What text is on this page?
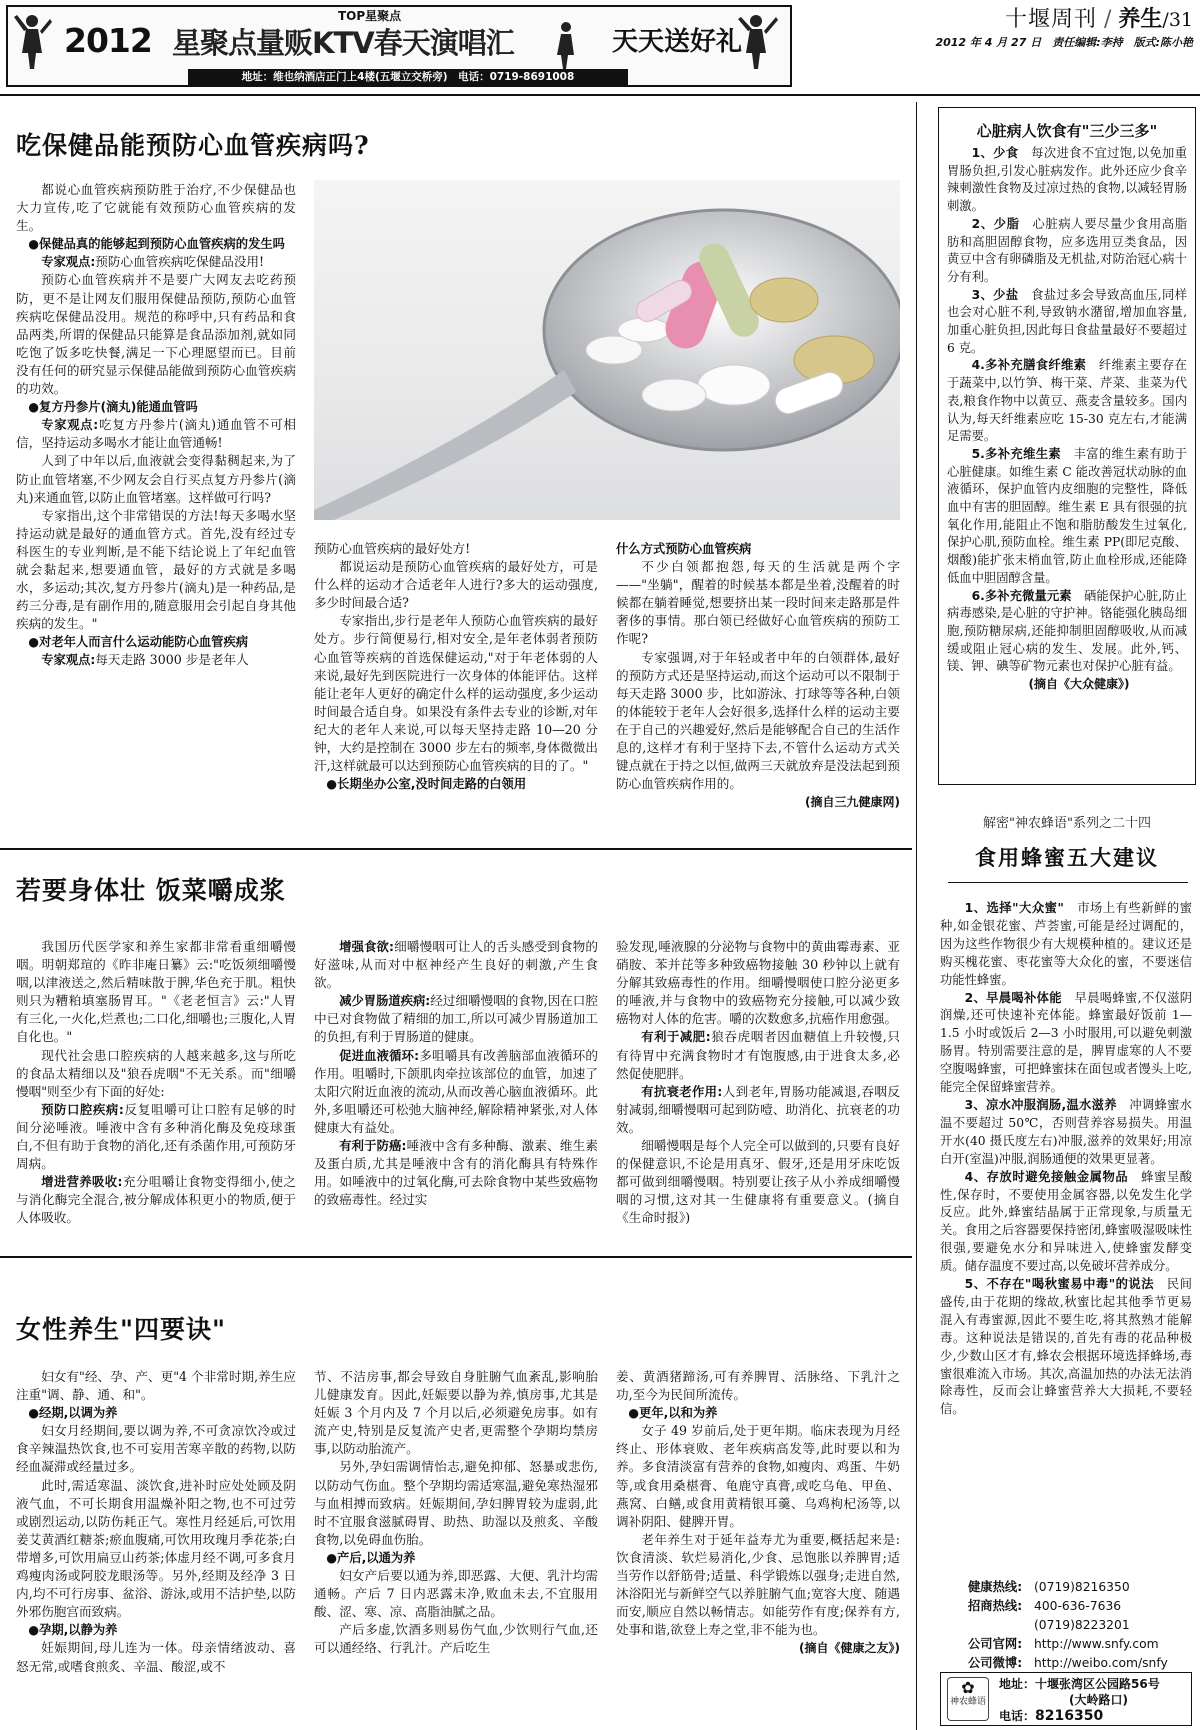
2012
TOP星聚点
星聚点量贩KTV春天演唱汇	天天送好礼
地址：维也纳酒店正门上4楼(五堰立交桥旁)　电话：0719-8691008
十堰周刊 / 养生/31
2012 年 4 月 27 日　责任编辑:李持　版式:陈小艳
吃保健品能预防心血管疾病吗?

都说心血管疾病预防胜于治疗,不少保健品也大力宣传,吃了它就能有效预防心血管疾病的发生。

●保健品真的能够起到预防心血管疾病的发生吗

专家观点:预防心血管疾病吃保健品没用!

预防心血管疾病并不是要广大网友去吃药预防，更不是让网友们服用保健品预防,预防心血管疾病吃保健品没用。规范的称呼中,只有药品和食品两类,所谓的保健品只能算是食品添加剂,就如同吃饱了饭多吃快餐,满足一下心理愿望而已。目前没有任何的研究显示保健品能做到预防心血管疾病的功效。

●复方丹参片(滴丸)能通血管吗

专家观点:吃复方丹参片(滴丸)通血管不可相信，坚持运动多喝水才能让血管通畅!

人到了中年以后,血液就会变得黏稠起来,为了防止血管堵塞,不少网友会自行买点复方丹参片(滴丸)来通血管,以防止血管堵塞。这样做可行吗?

专家指出,这个非常错误的方法!每天多喝水坚持运动就是最好的通血管方式。首先,没有经过专科医生的专业判断,是不能下结论说上了年纪血管就会黏起来,想要通血管，最好的方式就是多喝水，多运动;其次,复方丹参片(滴丸)是一种药品,是药三分毒,是有副作用的,随意服用会引起自身其他疾病的发生。"

●对老年人而言什么运动能防心血管疾病

专家观点:每天走路 3000 步是老年人

预防心血管疾病的最好处方!

都说运动是预防心血管疾病的最好处方，可是什么样的运动才合适老年人进行?多大的运动强度,多少时间最合适?

专家指出,步行是老年人预防心血管疾病的最好处方。步行简便易行,相对安全,是年老体弱者预防心血管等疾病的首选保健运动,"对于年老体弱的人来说,最好先到医院进行一次身体的体能评估。这样能让老年人更好的确定什么样的运动强度,多少运动时间最合适自身。如果没有条件去专业的诊断,对年纪大的老年人来说,可以每天坚持走路 10—20 分钟，大约是控制在 3000 步左右的频率,身体微微出汗,这样就最可以达到预防心血管疾病的目的了。"

●长期坐办公室,没时间走路的白领用

什么方式预防心血管疾病

不少白领都抱怨,每天的生活就是两个字——"坐躺"，醒着的时候基本都是坐着,没醒着的时候都在躺着睡觉,想要挤出某一段时间来走路那是件奢侈的事情。那白领已经做好心血管疾病的预防工作呢?

专家强调,对于年轻或者中年的白领群体,最好的预防方式还是坚持运动,而这个运动可以不限制于每天走路 3000 步，比如游泳、打球等等各种,白领的体能较于老年人会好很多,选择什么样的运动主要在于自己的兴趣爱好,然后是能够配合自己的生活作息的,这样才有利于坚持下去,不管什么运动方式关键点就在于持之以恒,做两三天就放弃是没法起到预防心血管疾病作用的。

(摘自三九健康网)

若要身体壮 饭菜嚼成浆

我国历代医学家和养生家都非常看重细嚼慢咽。明朝郑瑄的《昨非庵日纂》云:"吃饭须细嚼慢咽,以津液送之,然后精味散于脾,华色充于肌。粗快则只为糟粕填塞肠胃耳。"《老老恒言》云:"人胃有三化,一火化,烂煮也;二口化,细嚼也;三腹化,人胃自化也。"

现代社会患口腔疾病的人越来越多,这与所吃的食品太精细以及"狼吞虎咽"不无关系。而"细嚼慢咽"则至少有下面的好处:

预防口腔疾病:反复咀嚼可让口腔有足够的时间分泌唾液。唾液中含有多种消化酶及免疫球蛋白,不但有助于食物的消化,还有杀菌作用,可预防牙周病。

增进营养吸收:充分咀嚼让食物变得细小,使之与消化酶完全混合,被分解成体积更小的物质,便于人体吸收。

增强食欲:细嚼慢咽可让人的舌头感受到食物的好滋味,从而对中枢神经产生良好的刺激,产生食欲。

减少胃肠道疾病:经过细嚼慢咽的食物,因在口腔中已对食物做了精细的加工,所以可减少胃肠道加工的负担,有利于胃肠道的健康。

促进血液循环:多咀嚼具有改善脑部血液循环的作用。咀嚼时,下颌肌肉牵拉该部位的血管，加速了太阳穴附近血液的流动,从而改善心脑血液循环。此外,多咀嚼还可松弛大脑神经,解除精神紧张,对人体健康大有益处。

有利于防癌:唾液中含有多种酶、激素、维生素及蛋白质,尤其是唾液中含有的消化酶具有特殊作用。如唾液中的过氧化酶,可去除食物中某些致癌物的致癌毒性。经过实

验发现,唾液腺的分泌物与食物中的黄曲霉毒素、亚硝胺、苯并芘等多种致癌物接触 30 秒钟以上就有分解其致癌毒性的作用。细嚼慢咽使口腔分泌更多的唾液,并与食物中的致癌物充分接触,可以减少致癌物对人体的危害。嚼的次数愈多,抗癌作用愈强。

有利于减肥:狼吞虎咽者因血糖值上升较慢,只有待胃中充满食物时才有饱腹感,由于进食太多,必然促使肥胖。

有抗衰老作用:人到老年,胃肠功能减退,吞咽反射减弱,细嚼慢咽可起到防噎、助消化、抗衰老的功效。

细嚼慢咽是每个人完全可以做到的,只要有良好的保健意识,不论是用真牙、假牙,还是用牙床吃饭都可做到细嚼慢咽。特别要让孩子从小养成细嚼慢咽的习惯,这对其一生健康将有重要意义。(摘自《生命时报》)

女性养生"四要诀"

妇女有"经、孕、产、更"4 个非常时期,养生应注重"调、静、通、和"。

●经期,以调为养

妇女月经期间,要以调为养,不可贪凉饮冷或过食辛辣温热饮食,也不可妄用苦寒辛散的药物,以防经血凝滞或经量过多。

此时,需适寒温、淡饮食,进补时应处处顾及阴液气血，不可长期食用温燥补阳之物,也不可过劳或剧烈运动,以防伤耗正气。寒性月经延后,可饮用姜艾黄酒红糖茶;瘀血腹痛,可饮用玫瑰月季花茶;白带增多,可饮用扁豆山药茶;体虚月经不调,可多食月鸡瘦肉汤或阿胶龙眼汤等。另外,经期及经净 3 日内,均不可行房事、盆浴、游泳,或用不洁护垫,以防外邪伤胞宫而致病。

●孕期,以静为养

妊娠期间,母儿连为一体。母亲情绪波动、喜怒无常,或嗜食煎炙、辛温、酸涩,或不

节、不洁房事,都会导致自身脏腑气血紊乱,影响胎儿健康发育。因此,妊娠要以静为养,慎房事,尤其是妊娠 3 个月内及 7 个月以后,必须避免房事。如有流产史,特别是反复流产史者,更需整个孕期均禁房事,以防动胎流产。

另外,孕妇需调情怡志,避免抑郁、怒暴或悲伤,以防动气伤血。整个孕期均需适寒温,避免寒热湿邪与血相搏而致病。妊娠期间,孕妇脾胃较为虚弱,此时不宜服食滋腻碍胃、助热、助湿以及煎炙、辛酸食物,以免碍血伤胎。

●产后,以通为养

妇女产后要以通为养,即恶露、大便、乳汁均需通畅。产后 7 日内恶露未净,败血未去,不宜服用酸、涩、寒、凉、高脂油腻之品。

产后多虚,饮酒多则易伤气血,少饮则行气血,还可以通经络、行乳汁。产后吃生

姜、黄酒猪蹄汤,可有养脾胃、活脉络、下乳汁之功,至今为民间所流传。

●更年,以和为养

女子 49 岁前后,处于更年期。临床表现为月经终止、形体衰败、老年疾病高发等,此时要以和为养。多食清淡富有营养的食物,如瘦肉、鸡蛋、牛奶等,或食用桑椹膏、龟鹿守真膏,或吃乌龟、甲鱼、燕窝、白鳝,或食用黄精银耳羹、乌鸡枸杞汤等,以调补阴阳、健脾开胃。

老年养生对于延年益寿尤为重要,概括起来是:饮食清淡、软烂易消化,少食、忌饱胀以养脾胃;适当劳作以舒筋骨;适量、科学锻炼以强身;走进自然,沐浴阳光与新鲜空气以养脏腑气血;宽容大度、随遇而安,顺应自然以畅情志。如能劳作有度;保养有方,处事和谐,欲登上寿之堂,非不能为也。

(摘自《健康之友》)

心脏病人饮食有"三少三多"

1、少食　每次进食不宜过饱,以免加重胃肠负担,引发心脏病发作。此外还应少食辛辣刺激性食物及过凉过热的食物,以减轻胃肠刺激。

2、少脂　心脏病人要尽量少食用高脂肪和高胆固醇食物，应多选用豆类食品，因黄豆中含有卵磷脂及无机盐,对防治冠心病十分有利。

3、少盐　食盐过多会导致高血压,同样也会对心脏不利,导致钠水潴留,增加血容量,加重心脏负担,因此每日食盐量最好不要超过 6 克。

4.多补充膳食纤维素　纤维素主要存在于蔬菜中,以竹笋、梅干菜、芹菜、韭菜为代表,粮食作物中以黄豆、燕麦含量较多。国内认为,每天纤维素应吃 15-30 克左右,才能满足需要。

5.多补充维生素　丰富的维生素有助于心脏健康。如维生素 C 能改善冠状动脉的血液循环，保护血管内皮细胞的完整性，降低血中有害的胆固醇。维生素 E 具有很强的抗氧化作用,能阻止不饱和脂肪酸发生过氧化,保护心肌,预防血栓。维生素 PP(即尼克酸、烟酸)能扩张末梢血管,防止血栓形成,还能降低血中胆固醇含量。

6.多补充微量元素　硒能保护心脏,防止病毒感染,是心脏的守护神。铬能强化胰岛细胞,预防糖尿病,还能抑制胆固醇吸收,从而减缓或阻止冠心病的发生、发展。此外,钙、镁、钾、碘等矿物元素也对保护心脏有益。

(摘自《大众健康》)

解密"神农蜂语"系列之二十四
食用蜂蜜五大建议

1、选择"大众蜜"　市场上有些新鲜的蜜种,如金银花蜜、芦荟蜜,可能是经过调配的，因为这些作物很少有大规模种植的。建议还是购买槐花蜜、枣花蜜等大众化的蜜，不要迷信功能性蜂蜜。

2、早晨喝补体能　早晨喝蜂蜜,不仅滋阴润燥,还可快速补充体能。蜂蜜最好饭前 1—1.5 小时或饭后 2—3 小时服用,可以避免刺激肠胃。特别需要注意的是，脾胃虚寒的人不要空腹喝蜂蜜，可把蜂蜜抹在面包或者馒头上吃,能完全保留蜂蜜营养。

3、凉水冲服润肠,温水滋养　冲调蜂蜜水温不要超过 50℃，否则营养容易损失。用温开水(40 摄氏度左右)冲服,滋养的效果好;用凉白开(室温)冲服,润肠通便的效果更显著。

4、存放时避免接触金属物品　蜂蜜呈酸性,保存时，不要使用金属容器,以免发生化学反应。此外,蜂蜜结晶属于正常现象,与质量无关。食用之后容器要保持密闭,蜂蜜吸湿吸味性很强,要避免水分和异味进入,使蜂蜜发酵变质。储存温度不要过高,以免破坏营养成分。

5、不存在"喝秋蜜易中毒"的说法　民间盛传,由于花期的缘故,秋蜜比起其他季节更易混入有毒蜜源,因此不要生吃,将其熬熟才能解毒。这种说法是错误的,首先有毒的花品种极少,少数山区才有,蜂农会根据环境选择蜂场,毒蜜很难流入市场。其次,高温加热的办法无法消除毒性，反而会让蜂蜜营养大大损耗,不要轻信。

健康热线: (0719)8216350
招商热线: 400-636-7636
(0719)8223201
公司官网: http://www.snfy.com
公司微博: http://weibo.com/snfy
✿
神农蜂语
地址：十堰张湾区公园路56号
(大岭路口)
电话：8216350
